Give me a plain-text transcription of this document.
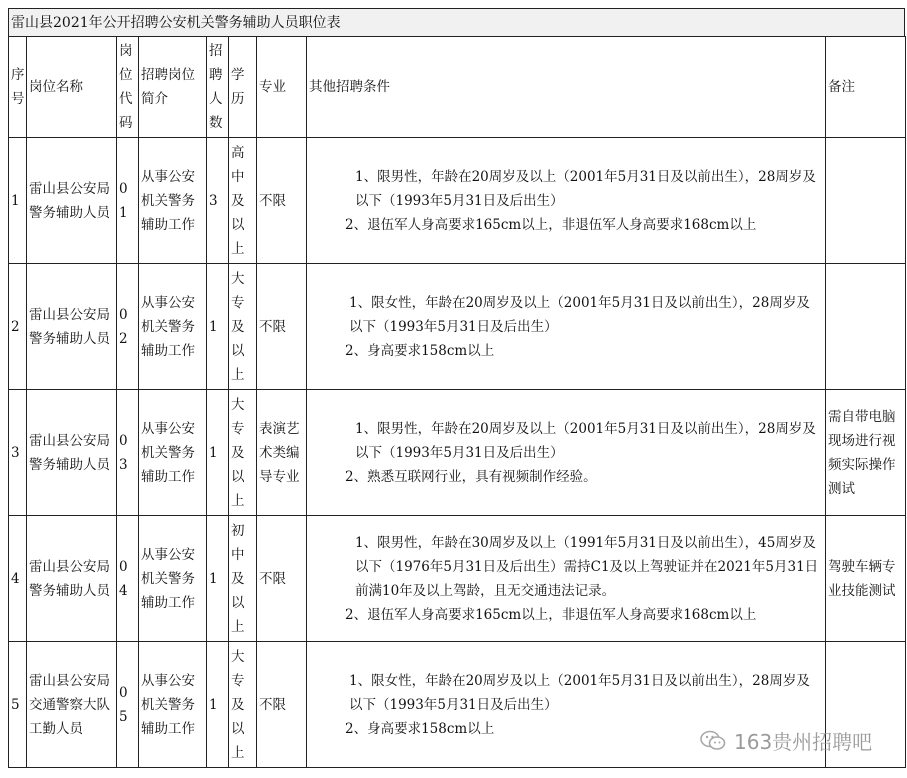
雷山县2021年公开招聘公安机关警务辅助人员职位表
序号	岗位名称	岗位代码	招聘岗位简介	招聘人数	学历	专业	其他招聘条件	备注
1	雷山县公安局警务辅助人员	01	从事公安机关警务辅助工作	3	高中及以上	不限	1、限男性，年龄在20周岁及以上（2001年5月31日及以前出生），28周岁及以下（1993年5月31日及后出生）

2、退伍军人身高要求165cm以上，非退伍军人身高要求168cm以上	

2	雷山县公安局警务辅助人员	02	从事公安机关警务辅助工作	1	大专及以上	不限	1、限女性，年龄在20周岁及以上（2001年5月31日及以前出生），28周岁及以下（1993年5月31日及后出生）

2、身高要求158cm以上	

3	雷山县公安局警务辅助人员	03	从事公安机关警务辅助工作	1	大专及以上	表演艺术类编导专业	1、限男性，年龄在20周岁及以上（2001年5月31日及以前出生），28周岁及以下（1993年5月31日及后出生）

2、熟悉互联网行业，具有视频制作经验。	需自带电脑现场进行视频实际操作测试
4	雷山县公安局警务辅助人员	04	从事公安机关警务辅助工作	1	初中及以上	不限	1、限男性，年龄在30周岁及以上（1991年5月31日及以前出生），45周岁及以下（1976年5月31日及后出生）需持C1及以上驾驶证并在2021年5月31日前满10年及以上驾龄，且无交通违法记录。

2、退伍军人身高要求165cm以上，非退伍军人身高要求168cm以上	驾驶车辆专业技能测试
5	雷山县公安局交通警察大队工勤人员	05	从事公安机关警务辅助工作	1	大专及以上	不限	1、限女性，年龄在20周岁及以上（2001年5月31日及以前出生），28周岁及以下（1993年5月31日及后出生）

2、身高要求158cm以上	

163贵州招聘吧
